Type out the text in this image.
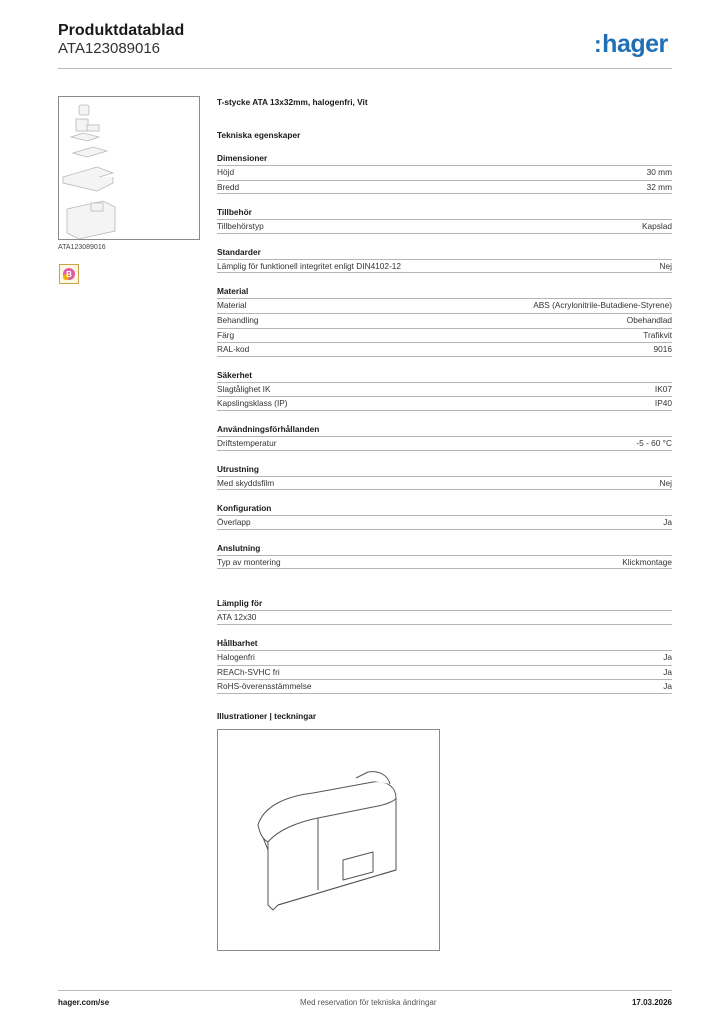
Produktdatablad
ATA123089016	:hager
ATA123089016
B
T-stycke ATA 13x32mm, halogenfri, Vit
Tekniska egenskaper
Dimensioner
Höjd	30 mm
Bredd	32 mm
Tillbehör
Tillbehörstyp	Kapslad
Standarder
Lämplig för funktionell integritet enligt DIN4102-12	Nej
Material
Material	ABS (Acrylonitrile-Butadiene-Styrene)
Behandling	Obehandlad
Färg	Trafikvit
RAL-kod	9016
Säkerhet
Slagtålighet IK	IK07
Kapslingsklass (IP)	IP40
Användningsförhållanden
Driftstemperatur	-5 - 60 °C
Utrustning
Med skyddsfilm	Nej
Konfiguration
Överlapp	Ja
Anslutning
Typ av montering	Klickmontage
Lämplig för
ATA 12x30
Hållbarhet
Halogenfri	Ja
REACh-SVHC fri	Ja
RoHS-överensstämmelse	Ja
Illustrationer | teckningar
hager.com/se	Med reservation för tekniska ändringar	17.03.2026
